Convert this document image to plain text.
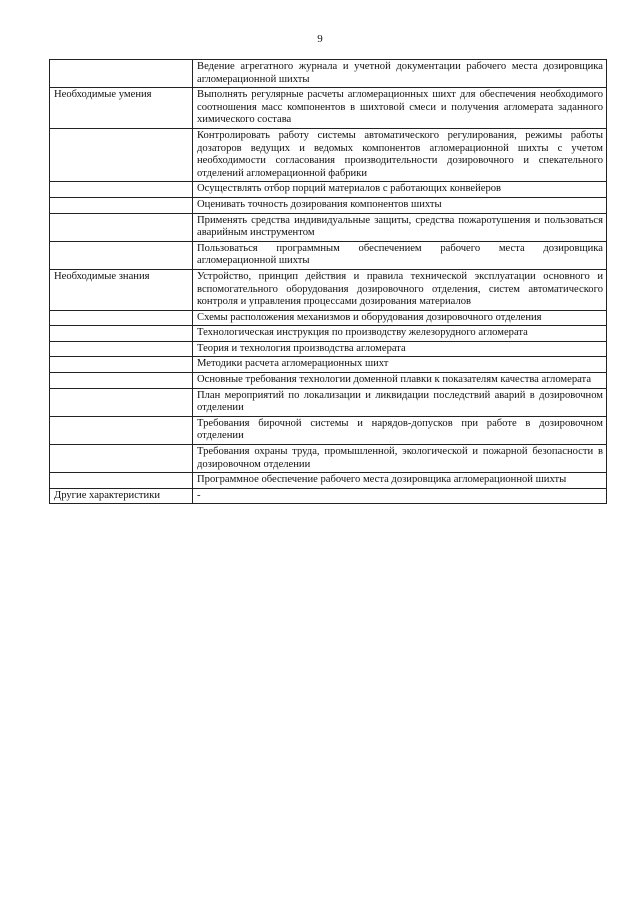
9
	Ведение агрегатного журнала и учетной документации рабочего места дозировщика агломерационной шихты
Необходимые умения	Выполнять регулярные расчеты агломерационных шихт для обеспечения необходимого соотношения масс компонентов в шихтовой смеси и получения агломерата заданного химического состава
	Контролировать работу системы автоматического регулирования, режимы работы дозаторов ведущих и ведомых компонентов агломерационной шихты с учетом необходимости согласования производительности дозировочного и спекательного отделений агломерационной фабрики
	Осуществлять отбор порций материалов с работающих конвейеров
	Оценивать точность дозирования компонентов шихты
	Применять средства индивидуальные защиты, средства пожаротушения и пользоваться аварийным инструментом
	Пользоваться программным обеспечением рабочего места дозировщика агломерационной шихты
Необходимые знания	Устройство, принцип действия и правила технической эксплуатации основного и вспомогательного оборудования дозировочного отделения, систем автоматического контроля и управления процессами дозирования материалов
	Схемы расположения механизмов и оборудования дозировочного отделения
	Технологическая инструкция по производству железорудного агломерата
	Теория и технология производства агломерата
	Методики расчета агломерационных шихт
	Основные требования технологии доменной плавки к показателям качества агломерата
	План мероприятий по локализации и ликвидации последствий аварий в дозировочном отделении
	Требования бирочной системы и нарядов-допусков при работе в дозировочном отделении
	Требования охраны труда, промышленной, экологической и пожарной безопасности в дозировочном отделении
	Программное обеспечение рабочего места дозировщика агломерационной шихты
Другие характеристики	-
